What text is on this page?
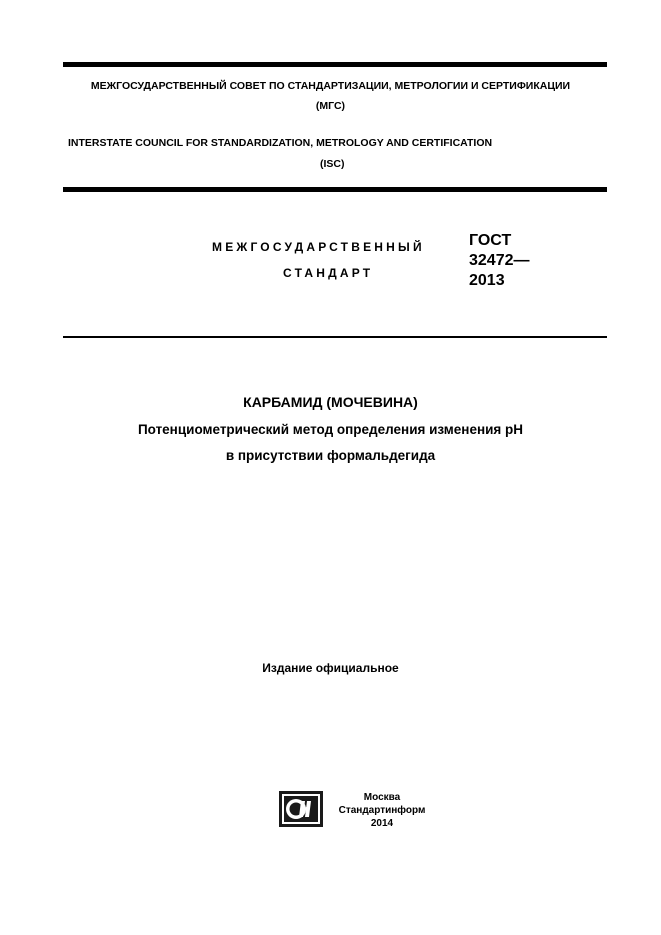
МЕЖГОСУДАРСТВЕННЫЙ СОВЕТ ПО СТАНДАРТИЗАЦИИ, МЕТРОЛОГИИ И СЕРТИФИКАЦИИ
(МГС)
INTERSTATE COUNCIL FOR STANDARDIZATION, METROLOGY AND CERTIFICATION
(ISC)
МЕЖГОСУДАРСТВЕННЫЙ
СТАНДАРТ
ГОСТ
32472—
2013
КАРБАМИД (МОЧЕВИНА)
Потенциометрический метод определения изменения pH
в присутствии формальдегида
Издание официальное
Москва
Стандартинформ
2014
